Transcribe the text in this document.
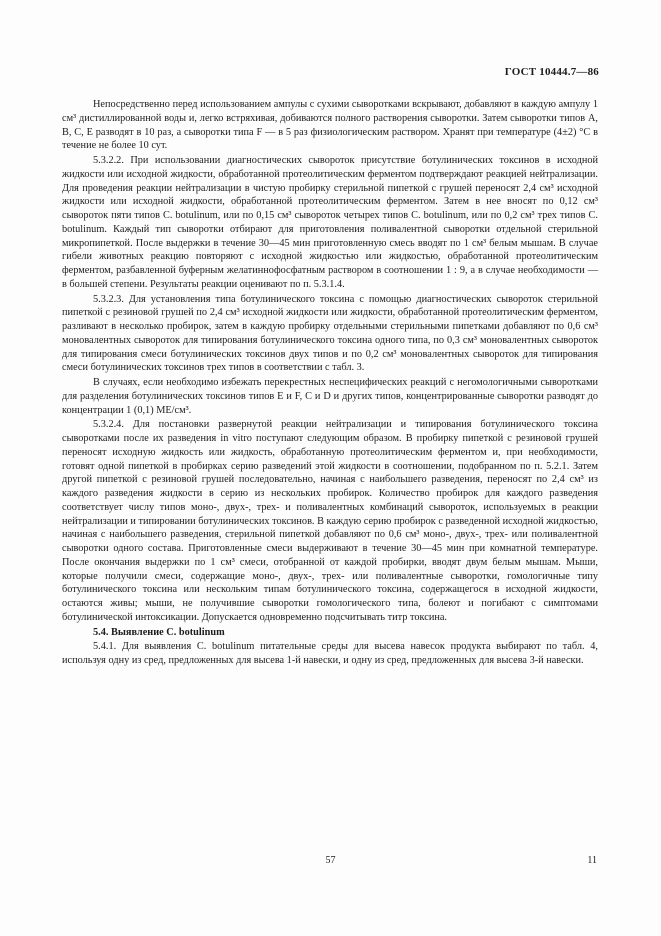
ГОСТ 10444.7—86

Непосредственно перед использованием ампулы с сухими сыворотками вскрывают, добавляют в каждую ампулу 1 см³ дистиллированной воды и, легко встряхивая, добиваются полного растворения сыворотки. Затем сыворотки типов А, В, С, Е разводят в 10 раз, а сыворотки типа F — в 5 раз физиологическим раствором. Хранят при температуре (4±2) °С в течение не более 10 сут.

5.3.2.2. При использовании диагностических сывороток присутствие ботулинических токсинов в исходной жидкости или исходной жидкости, обработанной протеолитическим ферментом подтверждают реакцией нейтрализации. Для проведения реакции нейтрализации в чистую пробирку стерильной пипеткой с грушей переносят 2,4 см³ исходной жидкости или исходной жидкости, обработанной протеолитическим ферментом. Затем в нее вносят по 0,12 см³ сывороток пяти типов C. botulinum, или по 0,15 см³ сывороток четырех типов C. botulinum, или по 0,2 см³ трех типов C. botulinum. Каждый тип сыворотки отбирают для приготовления поливалентной сыворотки отдельной стерильной микропипеткой. После выдержки в течение 30—45 мин приготовленную смесь вводят по 1 см³ белым мышам. В случае гибели животных реакцию повторяют с исходной жидкостью или жидкостью, обработанной протеолитическим ферментом, разбавленной буферным желатиннофосфатным раствором в соотношении 1 : 9, а в случае необходимости — в большей степени. Результаты реакции оценивают по п. 5.3.1.4.

5.3.2.3. Для установления типа ботулинического токсина с помощью диагностических сывороток стерильной пипеткой с резиновой грушей по 2,4 см³ исходной жидкости или жидкости, обработанной протеолитическим ферментом, разливают в несколько пробирок, затем в каждую пробирку отдельными стерильными пипетками добавляют по 0,6 см³ моновалентных сывороток для типирования ботулинического токсина одного типа, по 0,3 см³ моновалентных сывороток для типирования смеси ботулинических токсинов двух типов и по 0,2 см³ моновалентных сывороток для типирования смеси ботулинических токсинов трех типов в соответствии с табл. 3.

В случаях, если необходимо избежать перекрестных неспецифических реакций с негомологичными сыворотками для разделения ботулинических токсинов типов Е и F, С и D и других типов, концентрированные сыворотки разводят до концентрации 1 (0,1) МЕ/см³.

5.3.2.4. Для постановки развернутой реакции нейтрализации и типирования ботулинического токсина сыворотками после их разведения in vitro поступают следующим образом. В пробирку пипеткой с резиновой грушей переносят исходную жидкость или жидкость, обработанную протеолитическим ферментом и, при необходимости, готовят одной пипеткой в пробирках серию разведений этой жидкости в соотношении, подобранном по п. 5.2.1. Затем другой пипеткой с резиновой грушей последовательно, начиная с наибольшего разведения, переносят по 2,4 см³ из каждого разведения жидкости в серию из нескольких пробирок. Количество пробирок для каждого разведения соответствует числу типов моно-, двух-, трех- и поливалентных комбинаций сывороток, используемых в реакции нейтрализации и типировании ботулинических токсинов. В каждую серию пробирок с разведенной исходной жидкостью, начиная с наибольшего разведения, стерильной пипеткой добавляют по 0,6 см³ моно-, двух-, трех- или поливалентной сыворотки одного состава. Приготовленные смеси выдерживают в течение 30—45 мин при комнатной температуре. После окончания выдержки по 1 см³ смеси, отобранной от каждой пробирки, вводят двум белым мышам. Мыши, которые получили смеси, содержащие моно-, двух-, трех- или поливалентные сыворотки, гомологичные типу ботулинического токсина или нескольким типам ботулинического токсина, содержащегося в исходной жидкости, остаются живы; мыши, не получившие сыворотки гомологического типа, болеют и погибают с симптомами ботулинической интоксикации. Допускается одновременно подсчитывать титр токсина.

5.4. Выявление C. botulinum

5.4.1. Для выявления C. botulinum питательные среды для высева навесок продукта выбирают по табл. 4, используя одну из сред, предложенных для высева 1-й навески, и одну из сред, предложенных для высева 3-й навески.

57	11
